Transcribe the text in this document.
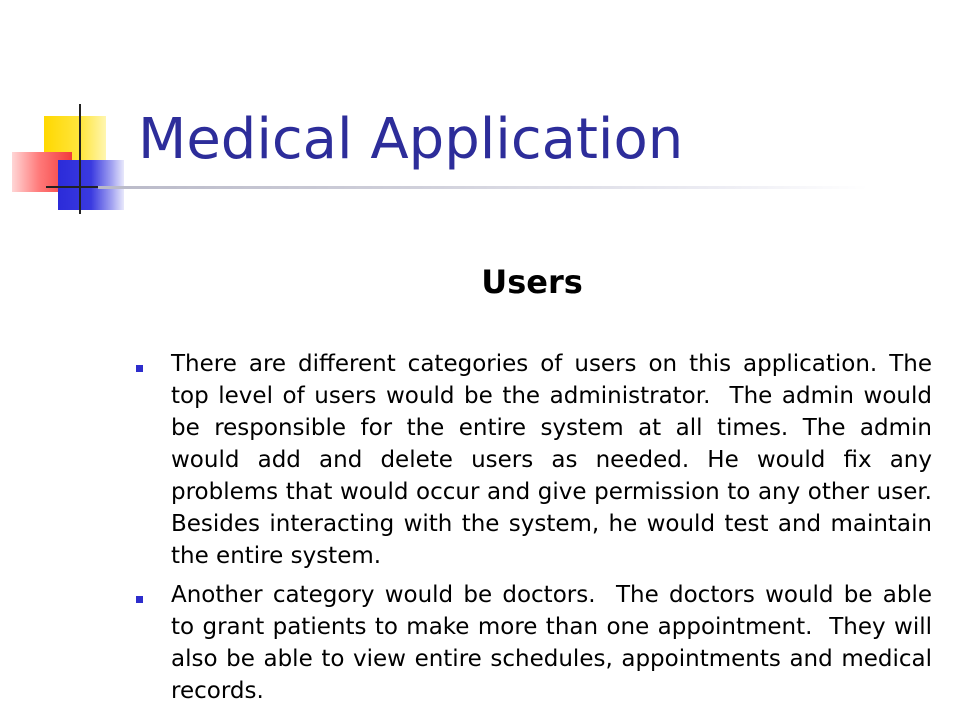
Medical Application
Users
There are different categories of users on this application. The top level of users would be the administrator.  The admin would be responsible for the entire system at all times. The admin would add and delete users as needed. He would fix any problems that would occur and give permission to any other user.  Besides interacting with the system, he would test and maintain the entire system.
Another category would be doctors.  The doctors would be able to grant patients to make more than one appointment.  They will also be able to view entire schedules, appointments and medical records.
